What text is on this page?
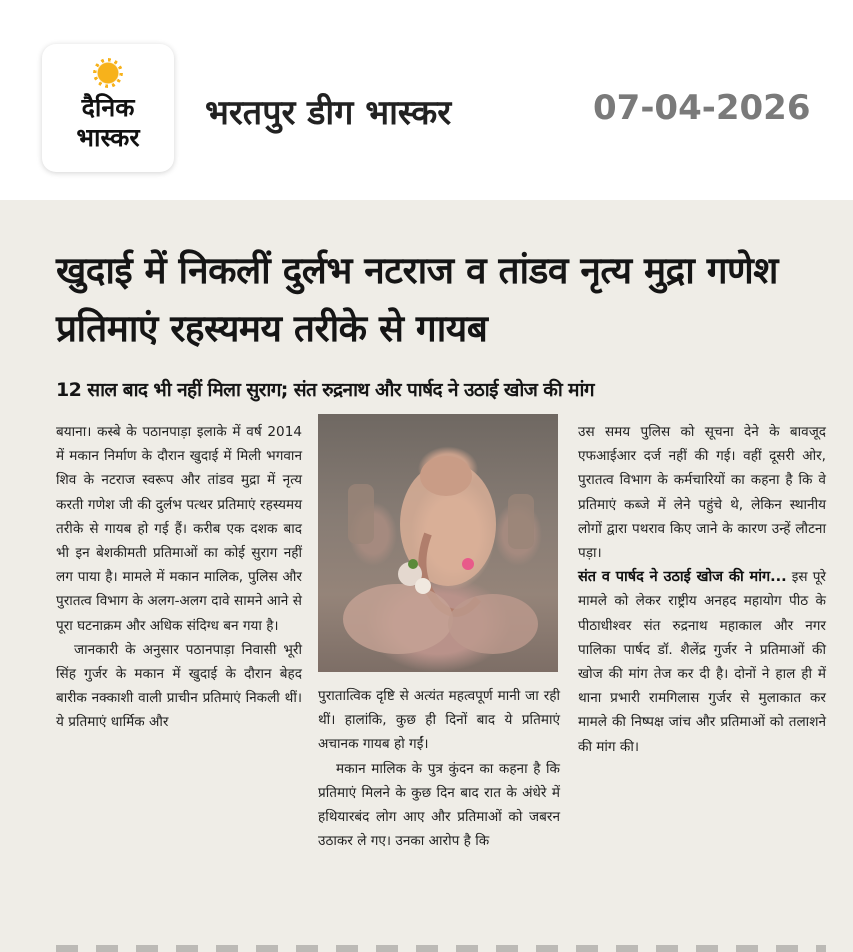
दैनिक
भास्कर
भरतपुर डीग भास्कर	07-04-2026
खुदाई में निकलीं दुर्लभ नटराज व तांडव नृत्य मुद्रा गणेश प्रतिमाएं रहस्यमय तरीके से गायब
12 साल बाद भी नहीं मिला सुराग; संत रुद्रनाथ और पार्षद ने उठाई खोज की मांग

बयाना। कस्बे के पठानपाड़ा इलाके में वर्ष 2014 में मकान निर्माण के दौरान खुदाई में मिली भगवान शिव के नटराज स्वरूप और तांडव मुद्रा में नृत्य करती गणेश जी की दुर्लभ पत्थर प्रतिमाएं रहस्यमय तरीके से गायब हो गई हैं। करीब एक दशक बाद भी इन बेशकीमती प्रतिमाओं का कोई सुराग नहीं लग पाया है। मामले में मकान मालिक, पुलिस और पुरातत्व विभाग के अलग-अलग दावे सामने आने से पूरा घटनाक्रम और अधिक संदिग्ध बन गया है।

जानकारी के अनुसार पठानपाड़ा निवासी भूरी सिंह गुर्जर के मकान में खुदाई के दौरान बेहद बारीक नक्काशी वाली प्राचीन प्रतिमाएं निकली थीं। ये प्रतिमाएं धार्मिक और

पुरातात्विक दृष्टि से अत्यंत महत्वपूर्ण मानी जा रही थीं। हालांकि, कुछ ही दिनों बाद ये प्रतिमाएं अचानक गायब हो गईं।

मकान मालिक के पुत्र कुंदन का कहना है कि प्रतिमाएं मिलने के कुछ दिन बाद रात के अंधेरे में हथियारबंद लोग आए और प्रतिमाओं को जबरन उठाकर ले गए। उनका आरोप है कि

उस समय पुलिस को सूचना देने के बावजूद एफआईआर दर्ज नहीं की गई। वहीं दूसरी ओर, पुरातत्व विभाग के कर्मचारियों का कहना है कि वे प्रतिमाएं कब्जे में लेने पहुंचे थे, लेकिन स्थानीय लोगों द्वारा पथराव किए जाने के कारण उन्हें लौटना पड़ा।

संत व पार्षद ने उठाई खोज की मांग... इस पूरे मामले को लेकर राष्ट्रीय अनहद महायोग पीठ के पीठाधीश्वर संत रुद्रनाथ महाकाल और नगर पालिका पार्षद डॉ. शैलेंद्र गुर्जर ने प्रतिमाओं की खोज की मांग तेज कर दी है। दोनों ने हाल ही में थाना प्रभारी रामगिलास गुर्जर से मुलाकात कर मामले की निष्पक्ष जांच और प्रतिमाओं को तलाशने की मांग की।
